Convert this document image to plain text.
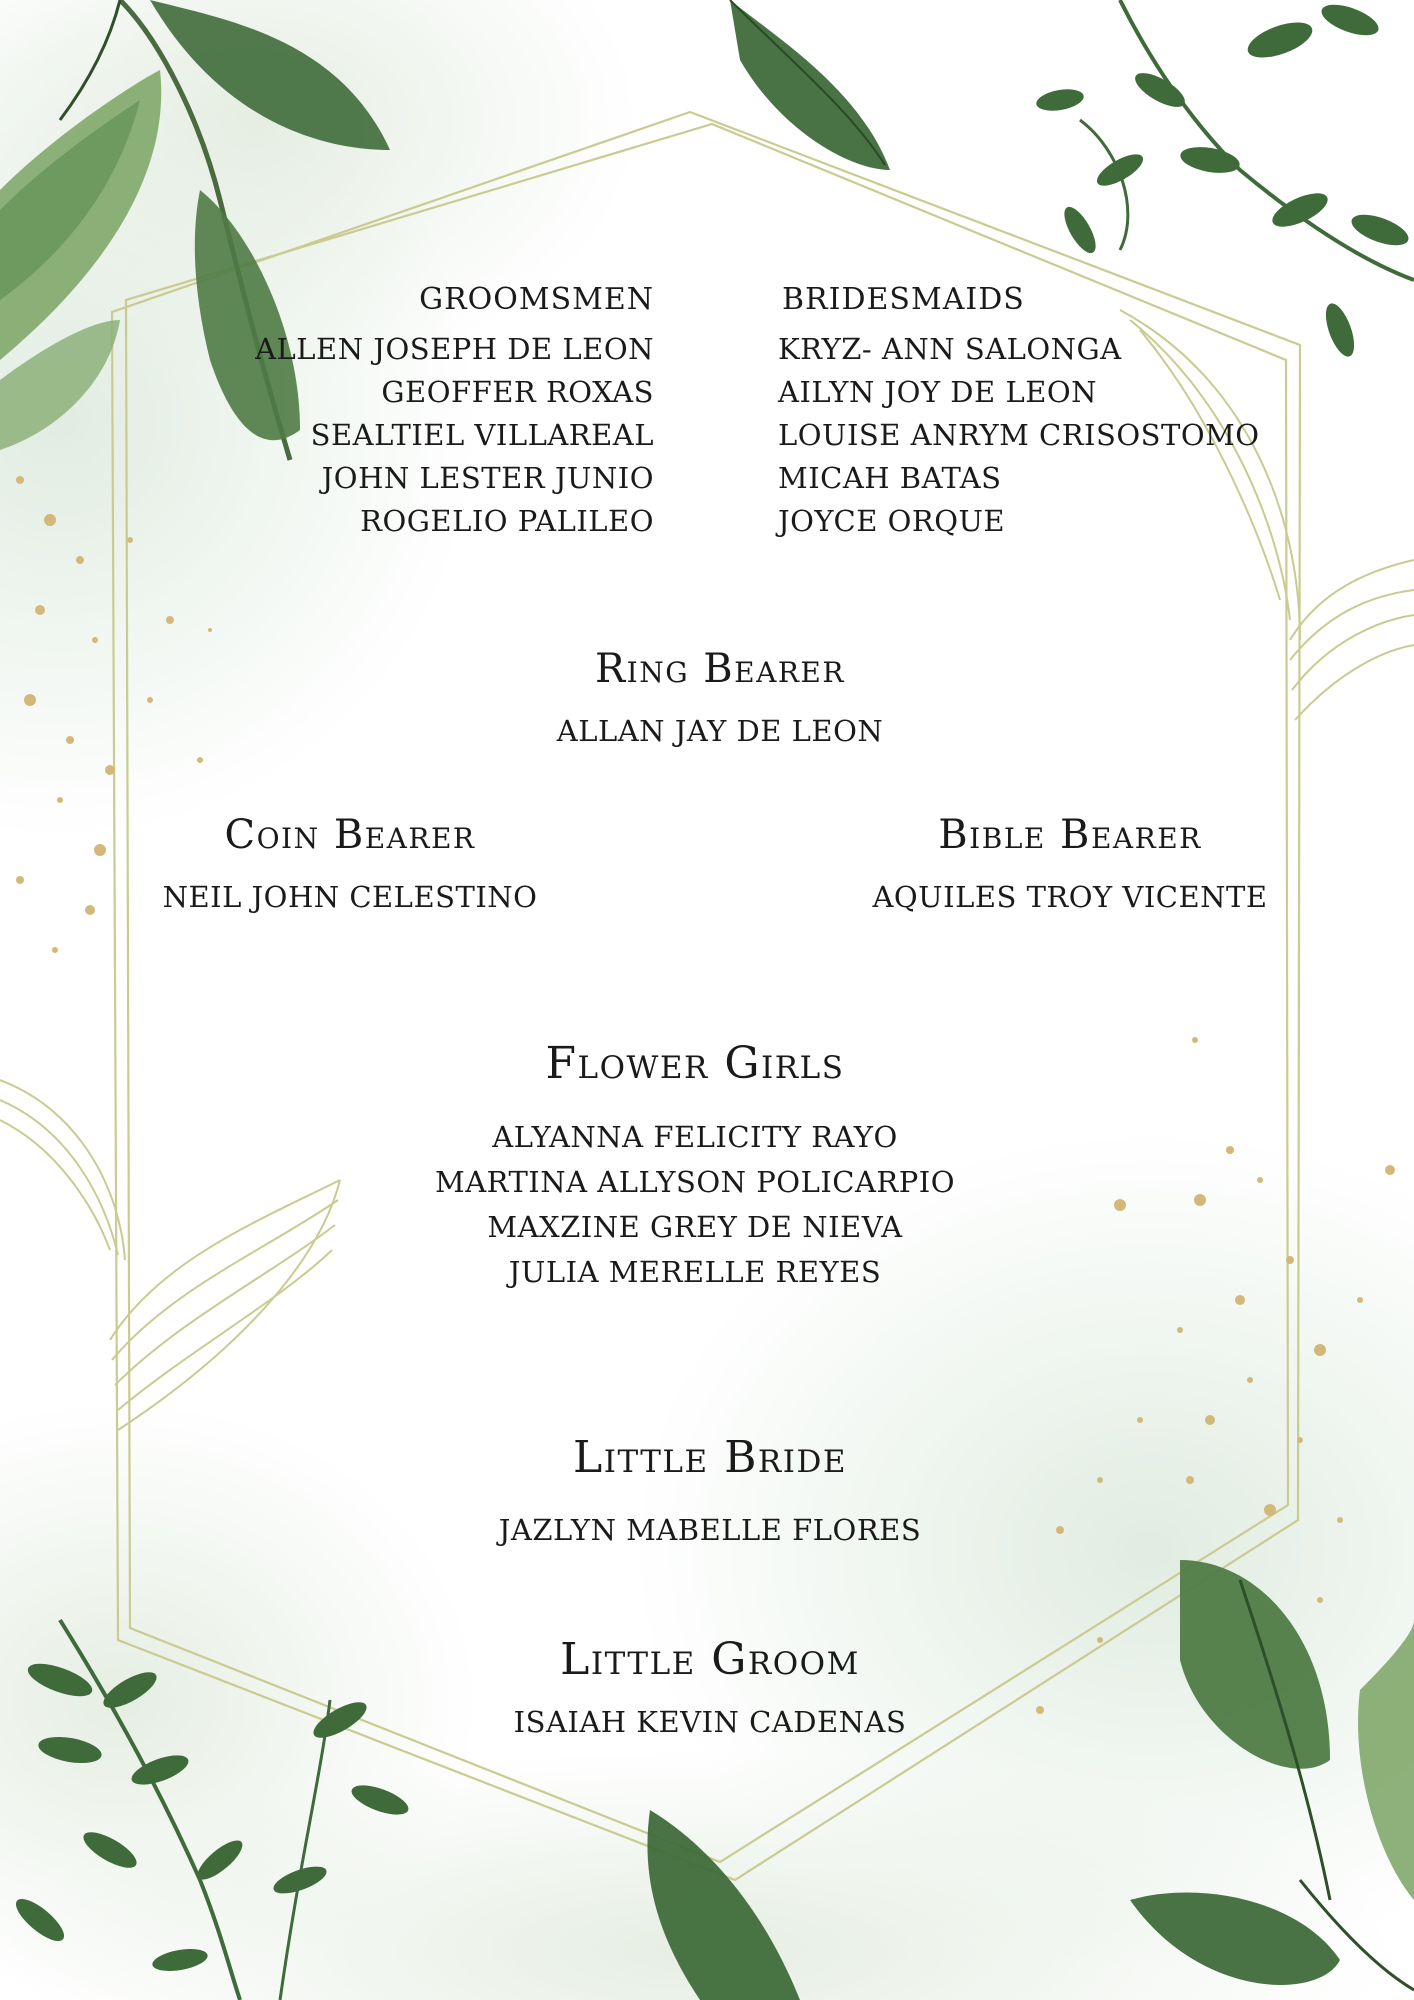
GROOMSMEN
ALLEN JOSEPH DE LEON
GEOFFER ROXAS
SEALTIEL VILLAREAL
JOHN LESTER JUNIO
ROGELIO PALILEO
BRIDESMAIDS
KRYZ- ANN SALONGA
AILYN JOY DE LEON
LOUISE ANRYM CRISOSTOMO
MICAH BATAS
JOYCE ORQUE
Ring Bearer
ALLAN JAY DE LEON
Coin Bearer
NEIL JOHN CELESTINO
Bible Bearer
AQUILES TROY VICENTE
Flower Girls
ALYANNA FELICITY RAYO
MARTINA ALLYSON POLICARPIO
MAXZINE GREY DE NIEVA
JULIA MERELLE REYES
Little Bride
JAZLYN MABELLE FLORES
Little Groom
ISAIAH KEVIN CADENAS
